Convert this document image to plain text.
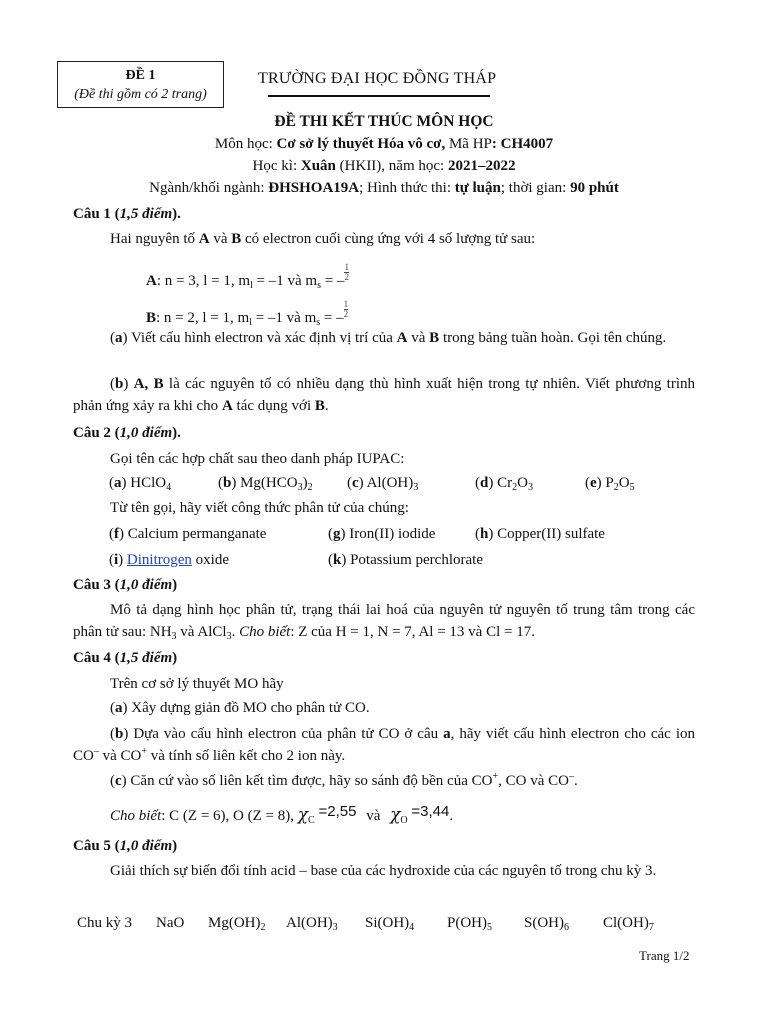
ĐỀ 1
(Đề thi gồm có 2 trang)
TRƯỜNG ĐẠI HỌC ĐỒNG THÁP
ĐỀ THI KẾT THÚC MÔN HỌC
Môn học: Cơ sở lý thuyết Hóa vô cơ, Mã HP: CH4007
Học kì: Xuân (HKII), năm học: 2021–2022
Ngành/khối ngành: ĐHSHOA19A; Hình thức thi: tự luận; thời gian: 90 phút
Câu 1 (1,5 điểm).
Hai nguyên tố A và B có electron cuối cùng ứng với 4 số lượng tử sau:
A: n = 3, l = 1, $m_l = -1$ và $m_s$ = – $\frac{1}{2}$
B: n = 2, l = 1, $m_l = -1$ và $m_s$ = – $\frac{1}{2}$
(a) Viết cấu hình electron và xác định vị trí của A và B trong bảng tuần hoàn. Gọi tên chúng.
(b) A, B là các nguyên tố có nhiều dạng thù hình xuất hiện trong tự nhiên. Viết phương trình phản ứng xảy ra khi cho A tác dụng với B.
Câu 2 (1,0 điểm).
Gọi tên các hợp chất sau theo danh pháp IUPAC:
(a) HClO$_4$	(b) $Mg(HCO_3)_2$ (c) $Al(OH)_3$	(d) $Cr_2O_3$	(e) $P_2O_5$
Từ tên gọi, hãy viết công thức phân tử của chúng:
(f) Calcium permanganate	(g) Iron(II) iodide	(h) Copper(II) sulfate
(i) Dinitrogen oxide	(k) Potassium perchlorate
Câu 3 (1,0 điểm)
Mô tả dạng hình học phân tử, trạng thái lai hoá của nguyên tử nguyên tố trung tâm trong các phân tử sau: $NH_3$ và AlCl$_3$. Cho biết: Z của H = 1, N = 7, Al = 13 và Cl = 17.
Câu 4 (1,5 điểm)
Trên cơ sở lý thuyết MO hãy
(a) Xây dựng giản đồ MO cho phân tử CO.
(b) Dựa vào cấu hình electron của phân tử CO ở câu a, hãy viết cấu hình electron cho các ion CO– và CO+ và tính số liên kết cho 2 ion này.
(c) Căn cứ vào số liên kết tìm được, hãy so sánh độ bền của CO+, CO và CO–.
Cho biết: C (Z = 6), O (Z = 8), $\chi_C =2,55$ và $\chi_O =3,44$.
Câu 5 (1,0 điểm)
Giải thích sự biến đổi tính acid – base của các hydroxide của các nguyên tố trong chu kỳ 3.
Chu kỳ 3 NaO $Mg(OH)_2$ $Al(OH)_3$ $Si(OH)_4$ $P(OH)_5$ $S(OH)_6$ $Cl(OH)_7$
Trang 1/2
